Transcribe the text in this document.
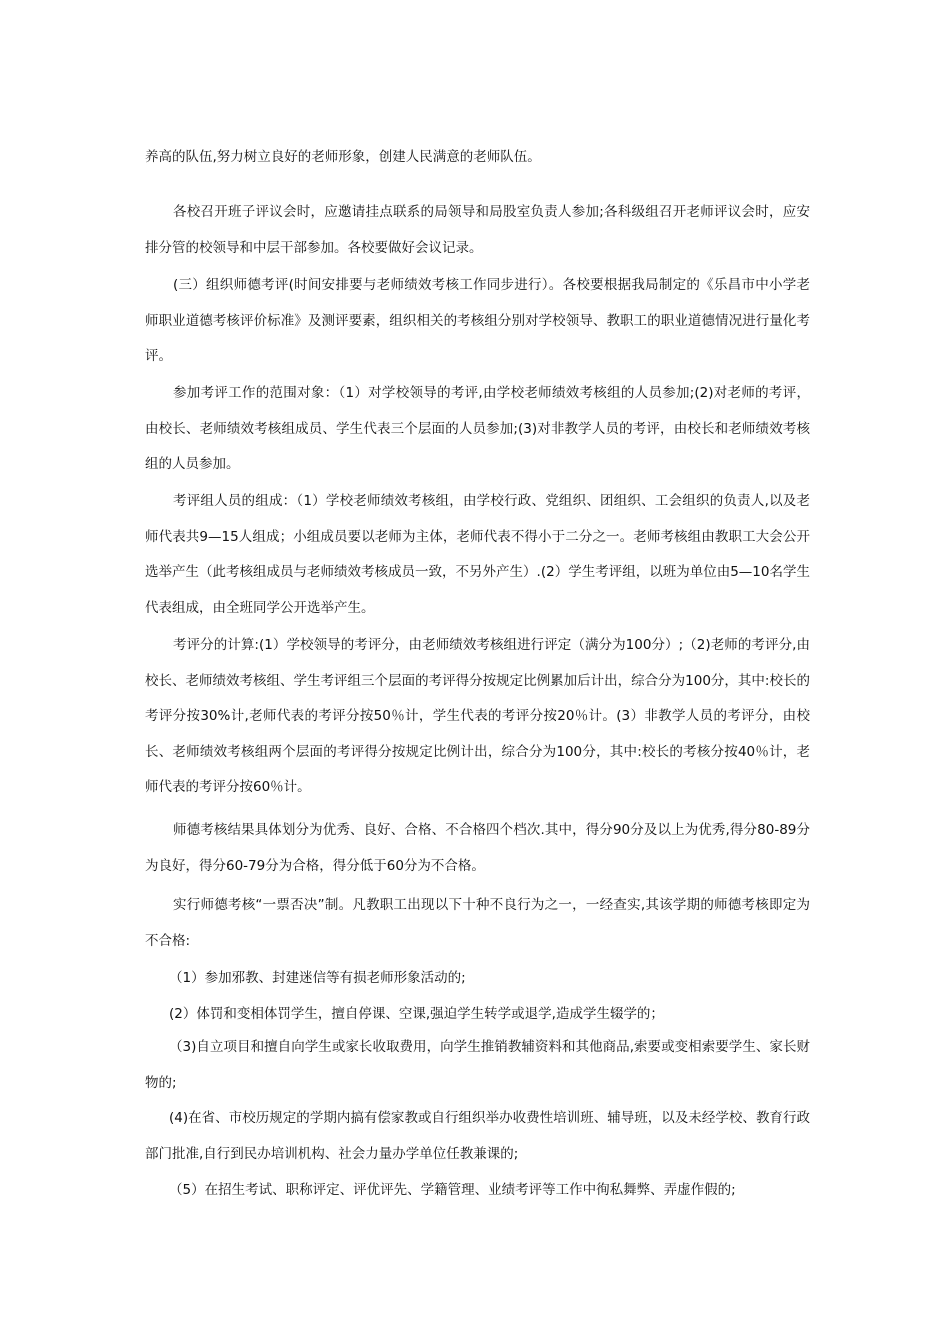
养高的队伍,努力树立良好的老师形象，创建人民满意的老师队伍。

各校召开班子评议会时，应邀请挂点联系的局领导和局股室负责人参加;各科级组召开老师评议会时，应安排分管的校领导和中层干部参加。各校要做好会议记录。

(三）组织师德考评(时间安排要与老师绩效考核工作同步进行）。各校要根据我局制定的《乐昌市中小学老师职业道德考核评价标准》及测评要素，组织相关的考核组分别对学校领导、教职工的职业道德情况进行量化考评。

参加考评工作的范围对象：（1）对学校领导的考评,由学校老师绩效考核组的人员参加;(2)对老师的考评，由校长、老师绩效考核组成员、学生代表三个层面的人员参加;(3)对非教学人员的考评，由校长和老师绩效考核组的人员参加。

考评组人员的组成：（1）学校老师绩效考核组，由学校行政、党组织、团组织、工会组织的负责人,以及老师代表共9—15人组成；小组成员要以老师为主体，老师代表不得小于二分之一。老师考核组由教职工大会公开选举产生（此考核组成员与老师绩效考核成员一致，不另外产生）.(2）学生考评组，以班为单位由5—10名学生代表组成，由全班同学公开选举产生。

考评分的计算:(1）学校领导的考评分，由老师绩效考核组进行评定（满分为100分）;（2)老师的考评分,由校长、老师绩效考核组、学生考评组三个层面的考评得分按规定比例累加后计出，综合分为100分，其中:校长的考评分按30%计,老师代表的考评分按50％计，学生代表的考评分按20％计。(3）非教学人员的考评分，由校长、老师绩效考核组两个层面的考评得分按规定比例计出，综合分为100分，其中:校长的考核分按40％计，老师代表的考评分按60％计。

师德考核结果具体划分为优秀、良好、合格、不合格四个档次.其中，得分90分及以上为优秀,得分80-89分为良好，得分60-79分为合格，得分低于60分为不合格。

实行师德考核“一票否决”制。凡教职工出现以下十种不良行为之一，一经查实,其该学期的师德考核即定为不合格:

（1）参加邪教、封建迷信等有损老师形象活动的;

(2）体罚和变相体罚学生，擅自停课、空课,强迫学生转学或退学,造成学生辍学的；

（3)自立项目和擅自向学生或家长收取费用，向学生推销教辅资料和其他商品,索要或变相索要学生、家长财物的;

(4)在省、市校历规定的学期内搞有偿家教或自行组织举办收费性培训班、辅导班，以及未经学校、教育行政部门批准,自行到民办培训机构、社会力量办学单位任教兼课的;

（5）在招生考试、职称评定、评优评先、学籍管理、业绩考评等工作中徇私舞弊、弄虚作假的;
